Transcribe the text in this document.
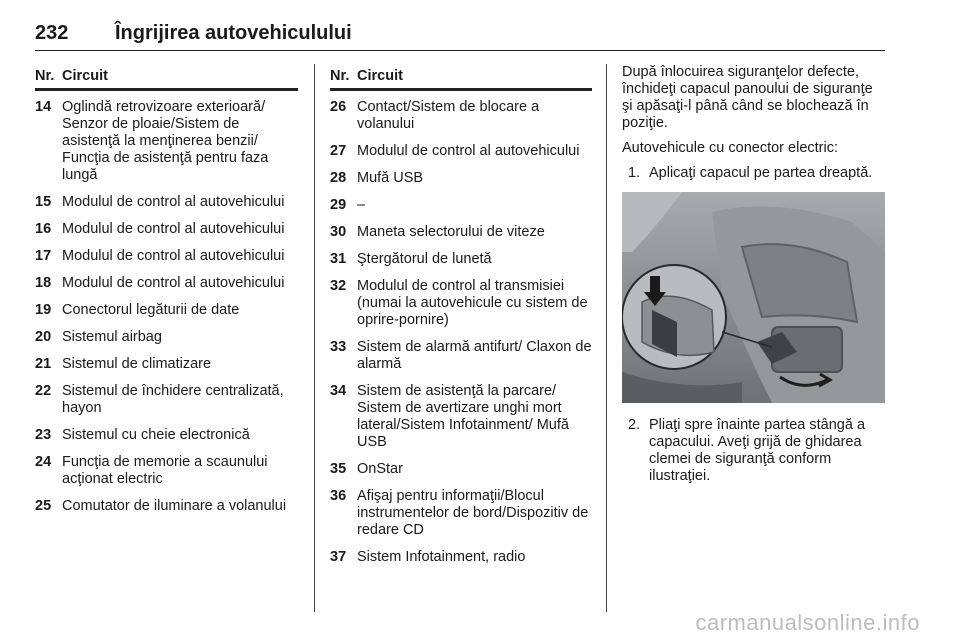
232 Îngrijirea autovehiculului
Nr. Circuit
14 Oglindă retrovizoare exterioară/ Senzor de ploaie/Sistem de asistenţă la menţinerea benzii/ Funcţia de asistenţă pentru faza lungă
15 Modulul de control al autovehicului
16 Modulul de control al autovehicului
17 Modulul de control al autovehicului
18 Modulul de control al autovehicului
19 Conectorul legăturii de date
20 Sistemul airbag
21 Sistemul de climatizare
22 Sistemul de închidere centralizată, hayon
23 Sistemul cu cheie electronică
24 Funcţia de memorie a scaunului acţionat electric
25 Comutator de iluminare a volanului
Nr. Circuit
26 Contact/Sistem de blocare a volanului
27 Modulul de control al autovehicului
28 Mufă USB
29 –
30 Maneta selectorului de viteze
31 Ştergătorul de lunetă
32 Modulul de control al transmisiei (numai la autovehicule cu sistem de oprire-pornire)
33 Sistem de alarmă antifurt/ Claxon de alarmă
34 Sistem de asistenţă la parcare/ Sistem de avertizare unghi mort lateral/Sistem Infotainment/ Mufă USB
35 OnStar
36 Afişaj pentru informaţii/Blocul instrumentelor de bord/Dispozitiv de redare CD
37 Sistem Infotainment, radio

După înlocuirea siguranţelor defecte, închideţi capacul panoului de siguranţe şi apăsaţi-l până când se blochează în poziţie.

Autovehicule cu conector electric:

1. Aplicaţi capacul pe partea dreaptă.
2. Pliaţi spre înainte partea stângă a capacului. Aveţi grijă de ghidarea clemei de siguranţă conform ilustraţiei.
carmanualsonline.info
